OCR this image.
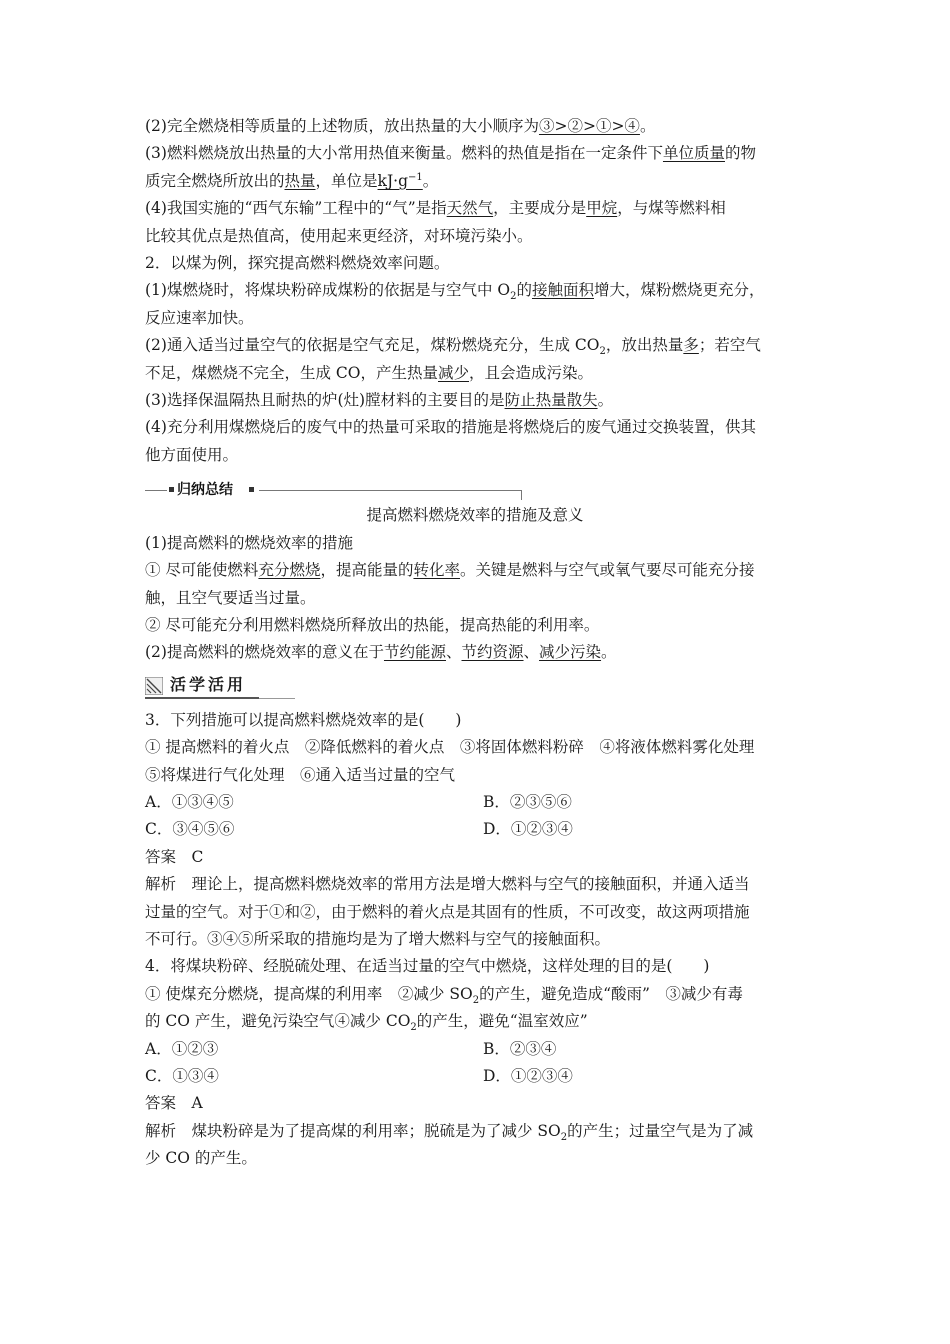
(2)完全燃烧相等质量的上述物质，放出热量的大小顺序为③>②>①>④。
(3)燃料燃烧放出热量的大小常用热值来衡量。燃料的热值是指在一定条件下单位质量的物
质完全燃烧所放出的热量，单位是$kJ\cdot g^{-1}$。
(4)我国实施的“西气东输”工程中的“气”是指天然气，主要成分是甲烷，与煤等燃料相
比较其优点是热值高，使用起来更经济，对环境污染小。
2．以煤为例，探究提高燃料燃烧效率问题。
(1)煤燃烧时，将煤块粉碎成煤粉的依据是与空气中 $O_2$的接触面积增大，煤粉燃烧更充分，
反应速率加快。
(2)通入适当过量空气的依据是空气充足，煤粉燃烧充分，生成 $CO_2$，放出热量多；若空气
不足，煤燃烧不完全，生成 CO，产生热量减少，且会造成污染。
(3)选择保温隔热且耐热的炉(灶)膛材料的主要目的是防止热量散失。
(4)充分利用煤燃烧后的废气中的热量可采取的措施是将燃烧后的废气通过交换装置，供其
他方面使用。
归纳总结
提高燃料燃烧效率的措施及意义
(1)提高燃料的燃烧效率的措施
① 尽可能使燃料充分燃烧，提高能量的转化率。关键是燃料与空气或氧气要尽可能充分接
触，且空气要适当过量。
② 尽可能充分利用燃料燃烧所释放出的热能，提高热能的利用率。
(2)提高燃料的燃烧效率的意义在于节约能源、节约资源、减少污染。
活学活用
3．下列措施可以提高燃料燃烧效率的是(　　)
① 提高燃料的着火点　②降低燃料的着火点　③将固体燃料粉碎　④将液体燃料雾化处理
⑤将煤进行气化处理　⑥通入适当过量的空气
A．①③④⑤	B．②③⑤⑥
C．③④⑤⑥	D．①②③④
答案　C
解析　理论上，提高燃料燃烧效率的常用方法是增大燃料与空气的接触面积，并通入适当
过量的空气。对于①和②，由于燃料的着火点是其固有的性质，不可改变，故这两项措施
不可行。③④⑤所采取的措施均是为了增大燃料与空气的接触面积。
4．将煤块粉碎、经脱硫处理、在适当过量的空气中燃烧，这样处理的目的是(　　)
① 使煤充分燃烧，提高煤的利用率　②减少 $SO_2$的产生，避免造成“酸雨”　③减少有毒
的 CO 产生，避免污染空气④减少 $CO_2$的产生，避免“温室效应”
A．①②③	B．②③④
C．①③④	D．①②③④
答案　A
解析　煤块粉碎是为了提高煤的利用率；脱硫是为了减少 $SO_2$的产生；过量空气是为了减
少 CO 的产生。
